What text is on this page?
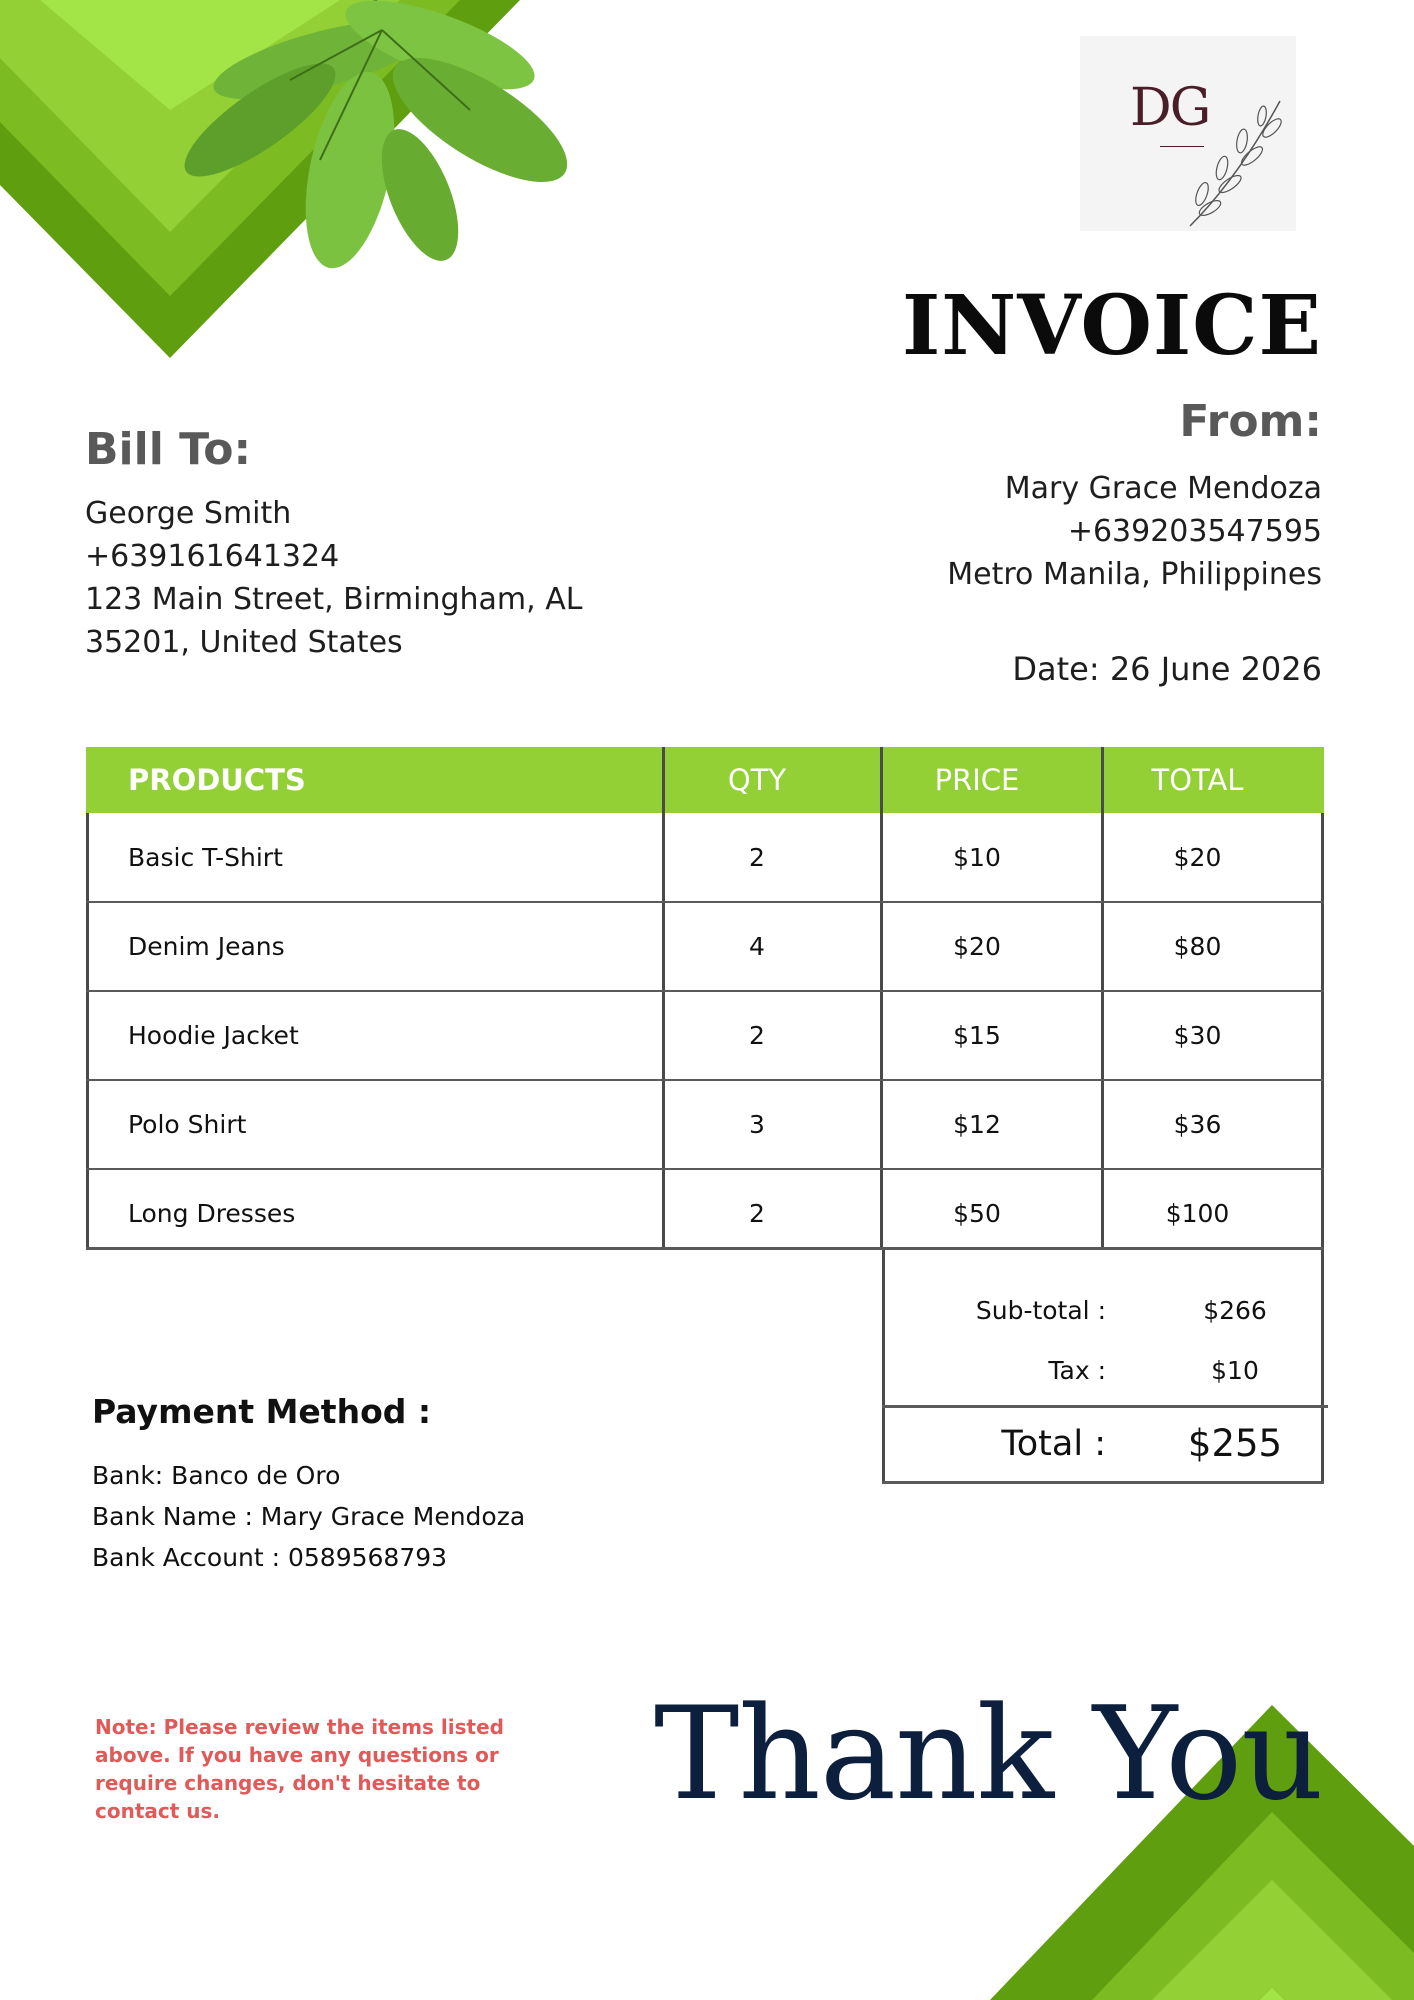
DG
INVOICE
From:
Mary Grace Mendoza
+639203547595
Metro Manila, Philippines
Date: 26 June 2026
Bill To:
George Smith
+639161641324
123 Main Street, Birmingham, AL
35201, United States
PRODUCTS	QTY	PRICE	TOTAL
Basic T-Shirt	2	$10	$20
Denim Jeans	4	$20	$80
Hoodie Jacket	2	$15	$30
Polo Shirt	3	$12	$36
Long Dresses	2	$50	$100
Sub-total :	$266
Tax :	$10
Total : $255
Payment Method :
Bank: Banco de Oro
Bank Name : Mary Grace Mendoza
Bank Account : 0589568793
Note: Please review the items listed above. If you have any questions or require changes, don't hesitate to contact us.	Thank You
